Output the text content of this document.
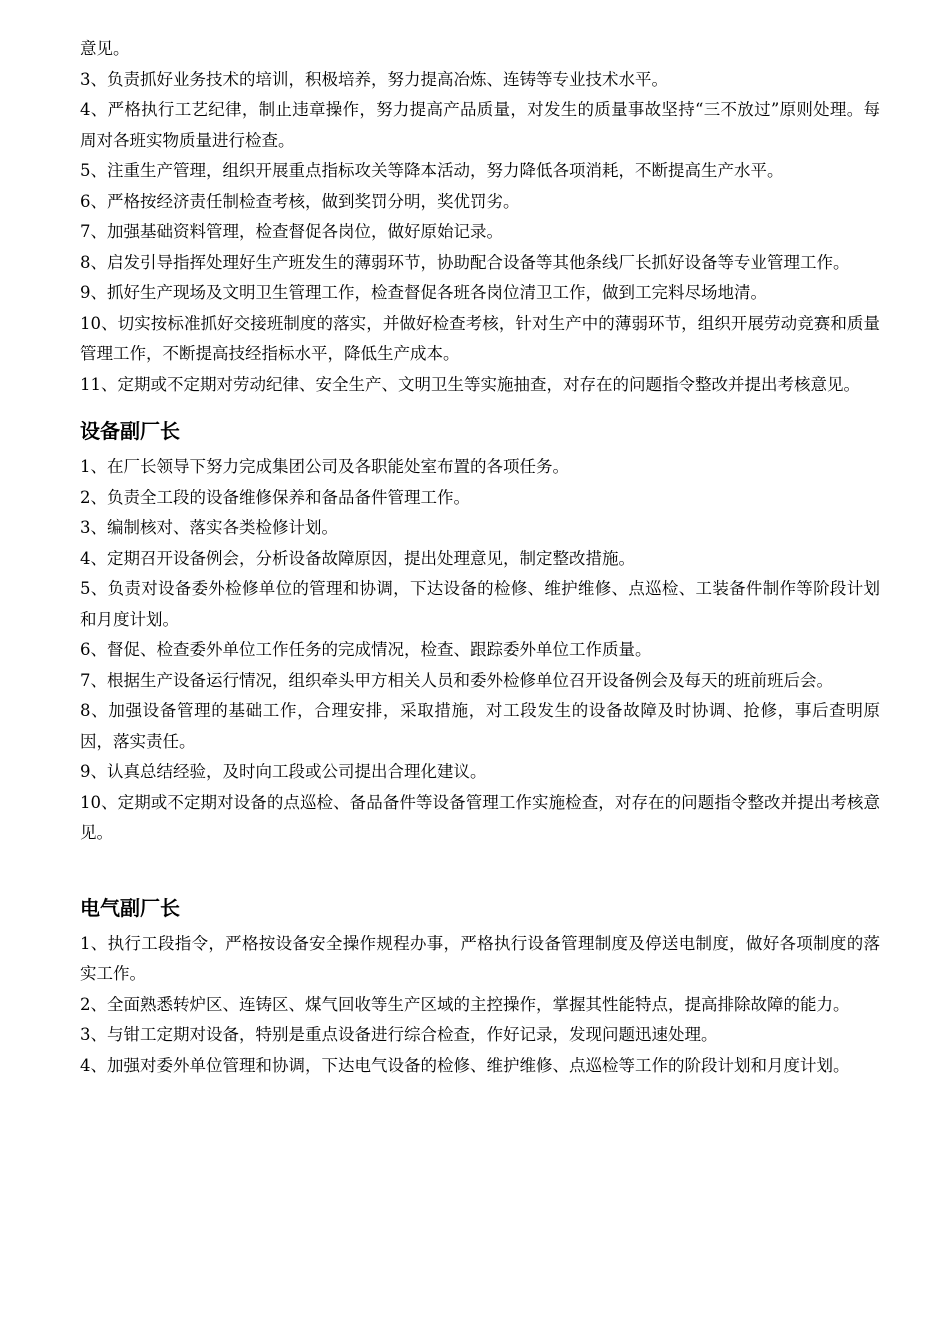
意见。

3、负责抓好业务技术的培训，积极培养，努力提高冶炼、连铸等专业技术水平。

4、严格执行工艺纪律，制止违章操作，努力提高产品质量，对发生的质量事故坚持“三不放过”原则处理。每周对各班实物质量进行检查。

5、注重生产管理，组织开展重点指标攻关等降本活动，努力降低各项消耗，不断提高生产水平。

6、严格按经济责任制检查考核，做到奖罚分明，奖优罚劣。

7、加强基础资料管理，检查督促各岗位，做好原始记录。

8、启发引导指挥处理好生产班发生的薄弱环节，协助配合设备等其他条线厂长抓好设备等专业管理工作。

9、抓好生产现场及文明卫生管理工作，检查督促各班各岗位清卫工作，做到工完料尽场地清。

10、切实按标准抓好交接班制度的落实，并做好检查考核，针对生产中的薄弱环节，组织开展劳动竞赛和质量管理工作，不断提高技经指标水平，降低生产成本。

11、定期或不定期对劳动纪律、安全生产、文明卫生等实施抽查，对存在的问题指令整改并提出考核意见。

设备副厂长

1、在厂长领导下努力完成集团公司及各职能处室布置的各项任务。

2、负责全工段的设备维修保养和备品备件管理工作。

3、编制核对、落实各类检修计划。

4、定期召开设备例会，分析设备故障原因，提出处理意见，制定整改措施。

5、负责对设备委外检修单位的管理和协调，下达设备的检修、维护维修、点巡检、工装备件制作等阶段计划和月度计划。

6、督促、检查委外单位工作任务的完成情况，检查、跟踪委外单位工作质量。

7、根据生产设备运行情况，组织牵头甲方相关人员和委外检修单位召开设备例会及每天的班前班后会。

8、加强设备管理的基础工作，合理安排，采取措施，对工段发生的设备故障及时协调、抢修，事后查明原因，落实责任。

9、认真总结经验，及时向工段或公司提出合理化建议。

10、定期或不定期对设备的点巡检、备品备件等设备管理工作实施检查，对存在的问题指令整改并提出考核意见。

电气副厂长

1、执行工段指令，严格按设备安全操作规程办事，严格执行设备管理制度及停送电制度，做好各项制度的落实工作。

2、全面熟悉转炉区、连铸区、煤气回收等生产区域的主控操作，掌握其性能特点，提高排除故障的能力。

3、与钳工定期对设备，特别是重点设备进行综合检查，作好记录，发现问题迅速处理。

4、加强对委外单位管理和协调，下达电气设备的检修、维护维修、点巡检等工作的阶段计划和月度计划。
